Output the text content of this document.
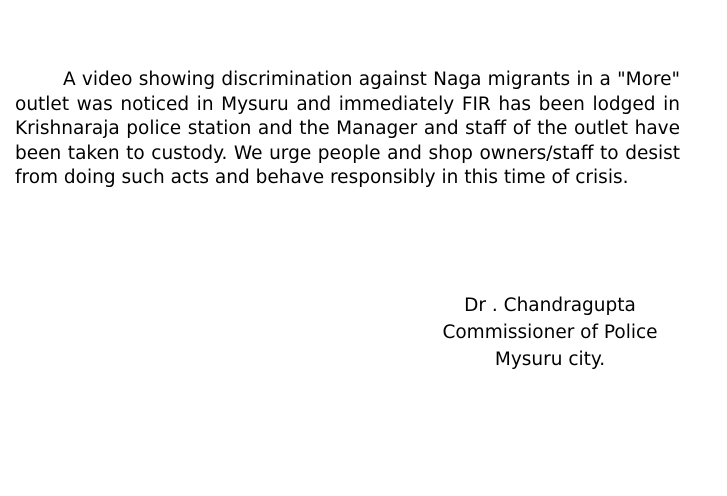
A video showing discrimination against Naga migrants in a "More" outlet was noticed in Mysuru and immediately FIR has been lodged in Krishnaraja police station and the Manager and staff of the outlet have been taken to custody. We urge people and shop owners/staff to desist from doing such acts and behave responsibly in this time of crisis.

Dr . Chandragupta
Commissioner of Police
Mysuru city.
